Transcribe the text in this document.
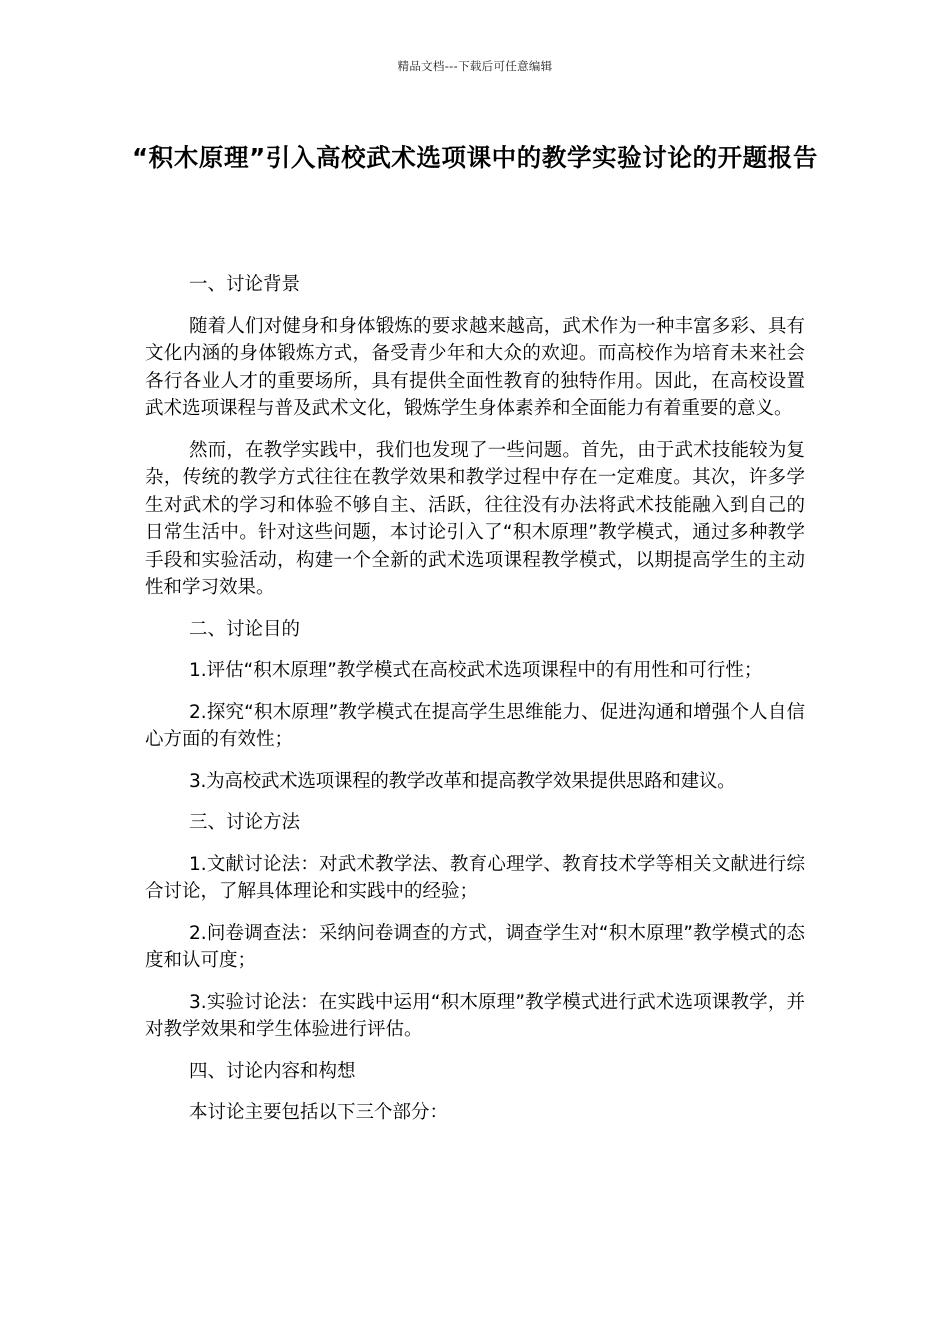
精品文档---下载后可任意编辑
“积木原理”引入高校武术选项课中的教学实验讨论的开题报告

一、讨论背景

随着人们对健身和身体锻炼的要求越来越高，武术作为一种丰富多彩、具有文化内涵的身体锻炼方式，备受青少年和大众的欢迎。而高校作为培育未来社会各行各业人才的重要场所，具有提供全面性教育的独特作用。因此，在高校设置武术选项课程与普及武术文化，锻炼学生身体素养和全面能力有着重要的意义。

然而，在教学实践中，我们也发现了一些问题。首先，由于武术技能较为复杂，传统的教学方式往往在教学效果和教学过程中存在一定难度。其次，许多学生对武术的学习和体验不够自主、活跃，往往没有办法将武术技能融入到自己的日常生活中。针对这些问题，本讨论引入了“积木原理”教学模式，通过多种教学手段和实验活动，构建一个全新的武术选项课程教学模式，以期提高学生的主动性和学习效果。

二、讨论目的

1.评估“积木原理”教学模式在高校武术选项课程中的有用性和可行性；

2.探究“积木原理”教学模式在提高学生思维能力、促进沟通和增强个人自信心方面的有效性；

3.为高校武术选项课程的教学改革和提高教学效果提供思路和建议。

三、讨论方法

1.文献讨论法：对武术教学法、教育心理学、教育技术学等相关文献进行综合讨论，了解具体理论和实践中的经验；

2.问卷调查法：采纳问卷调查的方式，调查学生对“积木原理”教学模式的态度和认可度；

3.实验讨论法：在实践中运用“积木原理”教学模式进行武术选项课教学，并对教学效果和学生体验进行评估。

四、讨论内容和构想

本讨论主要包括以下三个部分：
